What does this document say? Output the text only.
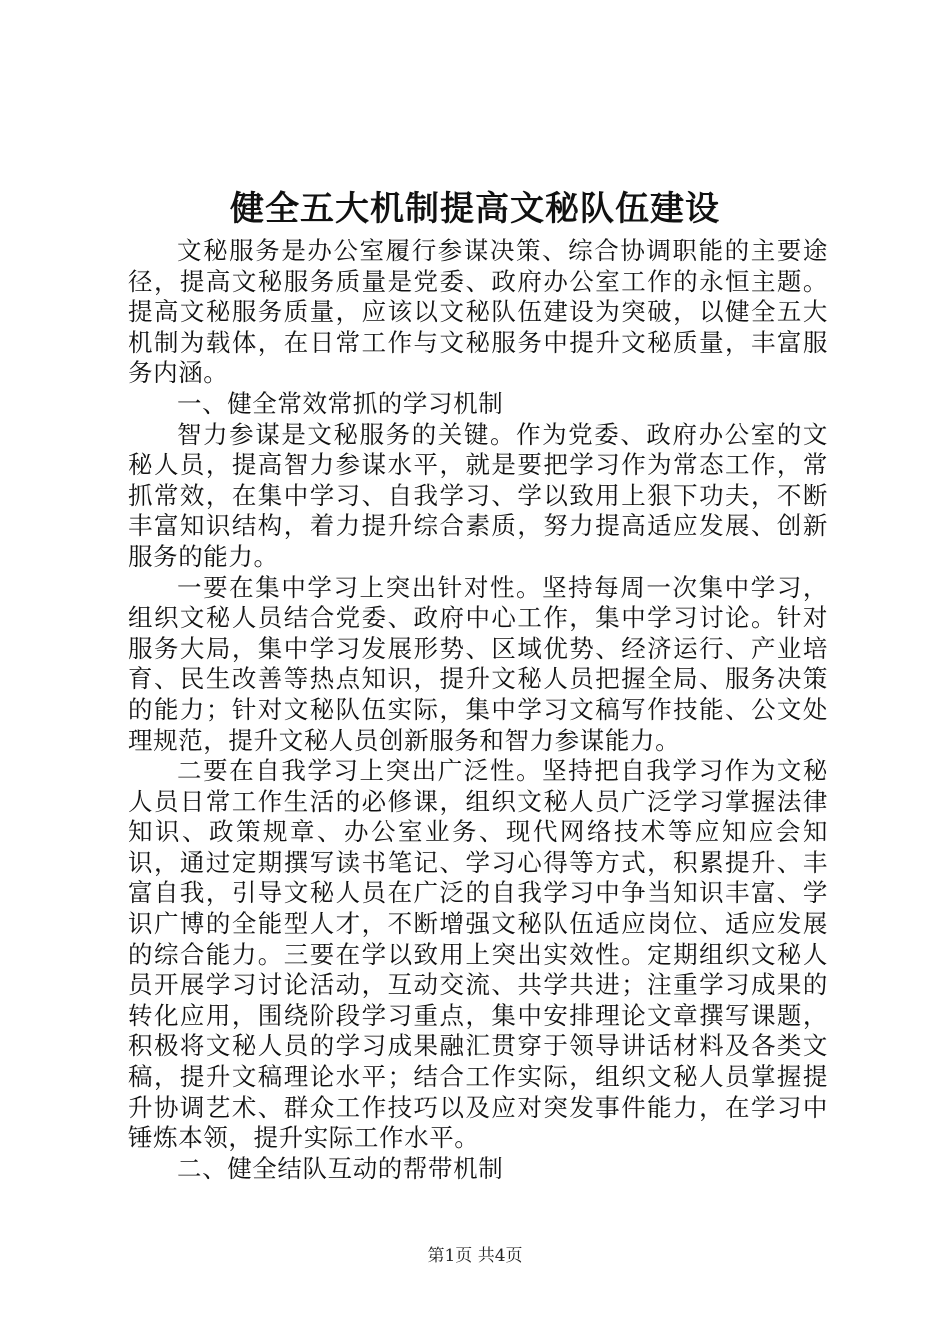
健全五大机制提高文秘队伍建设

文秘服务是办公室履行参谋决策、综合协调职能的主要途径，提高文秘服务质量是党委、政府办公室工作的永恒主题。提高文秘服务质量，应该以文秘队伍建设为突破，以健全五大机制为载体，在日常工作与文秘服务中提升文秘质量，丰富服务内涵。

一、健全常效常抓的学习机制

智力参谋是文秘服务的关键。作为党委、政府办公室的文秘人员，提高智力参谋水平，就是要把学习作为常态工作，常抓常效，在集中学习、自我学习、学以致用上狠下功夫，不断丰富知识结构，着力提升综合素质，努力提高适应发展、创新服务的能力。

一要在集中学习上突出针对性。坚持每周一次集中学习，组织文秘人员结合党委、政府中心工作，集中学习讨论。针对服务大局，集中学习发展形势、区域优势、经济运行、产业培育、民生改善等热点知识，提升文秘人员把握全局、服务决策的能力；针对文秘队伍实际，集中学习文稿写作技能、公文处理规范，提升文秘人员创新服务和智力参谋能力。

二要在自我学习上突出广泛性。坚持把自我学习作为文秘人员日常工作生活的必修课，组织文秘人员广泛学习掌握法律知识、政策规章、办公室业务、现代网络技术等应知应会知识，通过定期撰写读书笔记、学习心得等方式，积累提升、丰富自我，引导文秘人员在广泛的自我学习中争当知识丰富、学识广博的全能型人才，不断增强文秘队伍适应岗位、适应发展的综合能力。三要在学以致用上突出实效性。定期组织文秘人员开展学习讨论活动，互动交流、共学共进；注重学习成果的转化应用，围绕阶段学习重点，集中安排理论文章撰写课题，积极将文秘人员的学习成果融汇贯穿于领导讲话材料及各类文稿，提升文稿理论水平；结合工作实际，组织文秘人员掌握提升协调艺术、群众工作技巧以及应对突发事件能力，在学习中锤炼本领，提升实际工作水平。

二、健全结队互动的帮带机制

第1页 共4页
